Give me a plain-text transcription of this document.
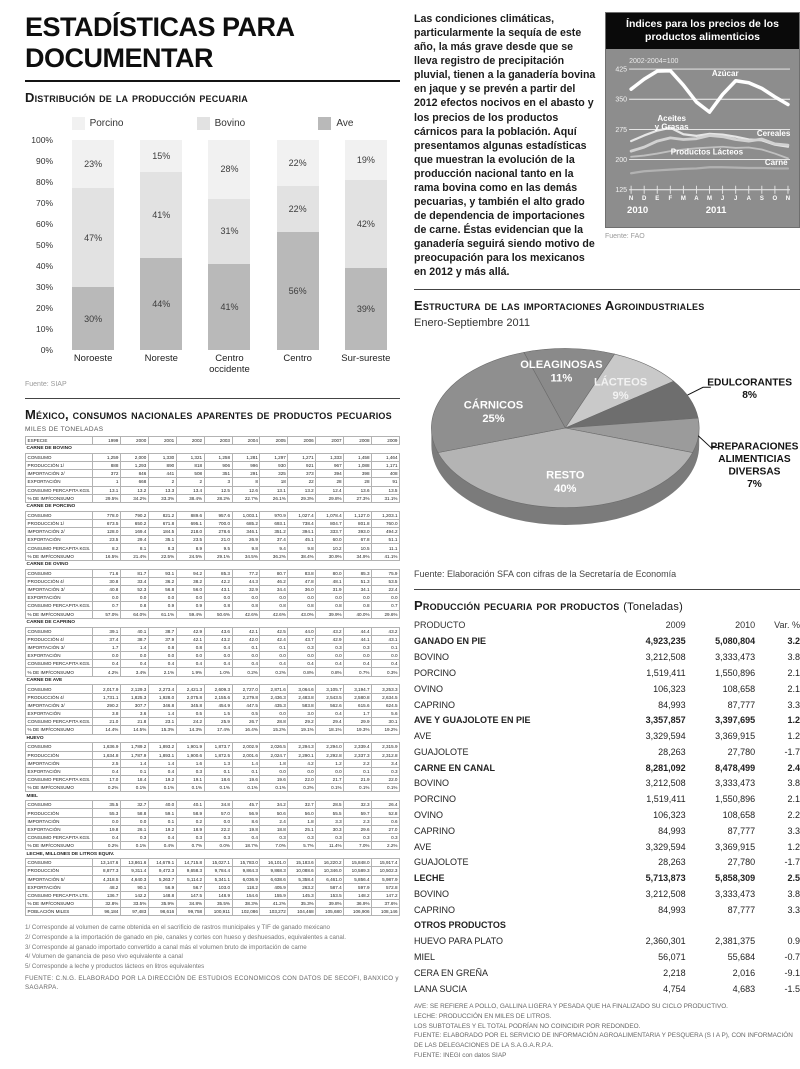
ESTADÍSTICAS PARA DOCUMENTAR
Distribución de la producción pecuaria
Porcino	Bovino	Ave
0%
10%
20%
30%
40%
50%
60%
70%
80%
90%
100%
30%
47%
23%
44%
41%
15%
41%
31%
28%
56%
22%
22%
39%
42%
19%
Noroeste	Noreste	Centro occidente
Centro	Sur-sureste
Fuente: SIAP
México, consumos nacionales aparentes de productos pecuarios
MILES DE TONELADAS
ESPECIE	1999	2000	2001	2002	2003	2004	2005	2006	2007	2008	2009
CARNE DE BOVINO											
CONSUMO	1,259	2,000	1,330	1,321	1,258	1,281	1,297	1,271	1,333	1,458	1,464
PRODUCCIÓN 1/	888	1,293	890	818	906	996	930	921	967	1,088	1,171
IMPORTACIÓN 2/	372	846	441	508	351	291	325	373	394	398	408
EXPORTACIÓN	1	668	2	2	3	8	18	22	28	28	91
CONSUMO PERCAPITA KGS.	13.1	13.2	13.3	13.4	12.5	12.6	13.1	13.2	12.4	13.6	13.5
% DE IMP/CONSUMO	29.5%	34.2%	33.3%	38.4%	28.2%	22.7%	26.1%	29.3%	29.8%	27.3%	31.1%
CARNE DE PORCINO											
CONSUMO	778.0	790.2	821.2	889.6	957.6	1,003.1	970.9	1,027.4	1,078.4	1,127.0	1,203.1
PRODUCCIÓN 1/	673.5	650.2	671.8	695.1	700.0	685.2	693.1	738.4	804.7	801.8	760.0
IMPORTACIÓN 2/	128.0	169.4	184.5	218.0	278.6	346.1	351.2	394.1	333.7	393.0	494.2
EXPORTACIÓN	23.5	29.4	35.1	23.5	21.0	26.9	37.4	45.1	60.0	67.8	51.1
CONSUMO PERCAPITA KGS.	8.2	8.1	8.3	8.9	9.5	9.8	9.4	9.8	10.2	10.5	11.1
% DE IMP/CONSUMO	16.5%	21.4%	22.5%	24.5%	29.1%	34.5%	36.2%	38.4%	30.9%	34.9%	41.1%
CARNE DE OVINO											
CONSUMO	71.6	81.7	93.1	94.2	85.3	77.2	80.7	83.8	80.0	85.3	75.9
PRODUCCIÓN 4/	30.8	33.4	36.2	38.2	42.2	44.3	46.2	47.8	48.1	51.3	53.5
IMPORTACIÓN 3/	40.8	52.3	56.8	56.0	43.1	32.9	34.4	36.0	31.9	34.1	22.4
EXPORTACIÓN	0.0	0.0	0.0	0.0	0.0	0.0	0.0	0.0	0.0	0.0	0.0
CONSUMO PERCAPITA KGS.	0.7	0.8	0.9	0.9	0.8	0.8	0.8	0.8	0.8	0.8	0.7
% DE IMP/CONSUMO	57.0%	64.0%	61.1%	59.4%	50.6%	42.6%	42.6%	43.0%	39.9%	40.0%	29.6%
CARNE DE CAPRINO											
CONSUMO	39.1	40.1	38.7	42.9	43.6	42.1	42.5	44.0	43.2	44.4	43.2
PRODUCCIÓN 4/	37.4	38.7	37.9	42.1	43.2	42.0	42.4	43.7	42.9	44.1	43.1
IMPORTACIÓN 3/	1.7	1.4	0.8	0.8	0.4	0.1	0.1	0.3	0.3	0.3	0.1
EXPORTACIÓN	0.0	0.0	0.0	0.0	0.0	0.0	0.0	0.0	0.0	0.0	0.0
CONSUMO PERCAPITA KGS.	0.4	0.4	0.4	0.4	0.4	0.4	0.4	0.4	0.4	0.4	0.4
% DE IMP/CONSUMO	4.2%	3.4%	2.1%	1.9%	1.0%	0.2%	0.2%	0.8%	0.8%	0.7%	0.3%
CARNE DE AVE											
CONSUMO	2,017.9	2,129.3	2,273.4	2,421.3	2,609.3	2,727.0	2,871.6	3,064.6	3,105.7	3,194.7	3,253.3
PRODUCCIÓN 4/	1,731.1	1,825.3	1,928.0	2,075.8	2,155.6	2,279.8	2,436.3	2,483.8	2,543.5	2,580.8	2,634.5
IMPORTACIÓN 3/	290.2	307.7	346.8	345.8	454.9	447.5	435.3	583.8	562.6	615.6	624.5
EXPORTACIÓN	3.8	3.6	1.4	0.5	1.5	0.5	0.0	3.0	0.4	1.7	5.6
CONSUMO PERCAPITA KGS.	21.0	21.8	23.1	24.2	25.9	26.7	28.8	29.2	29.4	29.9	30.1
% DE IMP/CONSUMO	14.4%	14.5%	15.3%	14.3%	17.4%	16.4%	15.2%	19.1%	18.1%	19.3%	19.2%
HUEVO											
CONSUMO	1,636.9	1,789.2	1,893.2	1,901.9	1,873.7	2,002.9	2,026.5	2,294.3	2,294.0	2,339.4	2,315.9
PRODUCCIÓN	1,634.8	1,787.9	1,893.1	1,900.6	1,872.5	2,001.6	2,024.7	2,290.1	2,292.8	2,337.3	2,312.8
IMPORTACIÓN	2.5	1.4	1.4	1.6	1.3	1.4	1.8	4.2	1.2	2.2	3.4
EXPORTACIÓN	0.4	0.1	0.4	0.3	0.1	0.1	0.0	0.0	0.0	0.1	0.3
CONSUMO PERCAPITA KGS.	17.0	18.4	19.2	19.1	18.6	19.6	19.6	22.0	21.7	21.9	22.0
% DE IMP/CONSUMO	0.2%	0.1%	0.1%	0.1%	0.1%	0.1%	0.1%	0.2%	0.1%	0.1%	0.1%
MIEL											
CONSUMO	35.5	32.7	40.0	40.1	34.8	45.7	34.2	32.7	28.5	32.3	26.4
PRODUCCIÓN	55.3	58.8	59.1	58.9	57.0	56.9	50.6	56.0	55.5	59.7	52.8
IMPORTACIÓN	0.0	0.0	0.1	0.2	0.0	8.6	2.4	1.8	3.3	2.3	0.6
EXPORTACIÓN	19.8	26.1	19.2	18.9	22.2	19.8	18.8	25.1	30.3	29.6	27.0
CONSUMO PERCAPITA KGS.	0.4	0.3	0.4	0.3	0.3	0.4	0.3	0.3	0.3	0.3	0.3
% DE IMP/CONSUMO	0.2%	0.1%	0.4%	0.7%	0.0%	18.7%	7.0%	5.7%	11.4%	7.0%	2.2%
LECHE, MILLONES DE LITROS EQUIV.											
CONSUMO	13,147.6	13,861.6	14,679.1	14,715.8	15,027.1	15,783.0	16,101.0	15,183.6	16,220.2	15,848.0	15,917.4
PRODUCCIÓN	8,877.3	9,311.4	9,472.3	9,658.3	9,784.4	9,864.3	9,868.3	10,088.6	10,346.0	10,589.3	10,502.3
IMPORTACIÓN 5/	4,318.5	4,640.3	5,263.7	5,114.2	5,341.1	6,036.9	6,638.6	5,358.4	6,461.0	5,856.4	5,987.9
EXPORTACIÓN	48.2	90.1	56.9	56.7	103.0	118.2	405.9	263.2	587.4	597.9	572.8
CONSUMO PERCAPITA LTS.	136.7	142.2	148.8	147.5	148.9	154.6	155.9	145.3	153.5	148.2	147.2
% DE IMP/CONSUMO	32.8%	33.5%	35.9%	34.8%	35.5%	38.3%	41.2%	35.3%	39.8%	36.9%	37.6%
POBLACIÓN MILES	96,184	97,483	98,616	99,758	100,911	102,086	103,272	104,468	105,680	106,906	108,146
1/ Corresponde al volumen de carne obtenida en el sacrificio de rastros municipales y TIF de ganado mexicano
2/ Corresponde a la importación de ganado en pie, canales y cortes con hueso y deshuesados, equivalentes a canal.
3/ Corresponde al ganado importado convertido a canal más el volumen bruto de importación de carne
4/ Volumen de ganancia de peso vivo equivalente a canal
5/ Corresponde a leche y productos lácteos en litros equivalentes
FUENTE: C.N.G. ELABORADO POR LA DIRECCIÓN DE ESTUDIOS ECONOMICOS CON DATOS DE SECOFI, BANXICO y SAGARPA.

Las condiciones climáticas, particularmente la sequía de este año, la más grave desde que se lleva registro de precipitación pluvial, tienen a la ganadería bovina en jaque y se prevén a partir del 2012 efectos nocivos en el abasto y los precios de los productos cárnicos para la población. Aquí presentamos algunas estadísticas que muestran la evolución de la producción nacional tanto en la rama bovina como en las demás pecuarias, y también el alto grado de dependencia de importaciones de carne. Éstas evidencian que la ganadería seguirá siendo motivo de preocupación para los mexicanos en 2012 y más allá.

Índices para los precios de los productos alimenticios
2002-2004=100
425
350
275
200
125
N D E F M A M J J A S O N
2010	2011
Azúcar
Aceites y Grasas
Cereales
Productos Lácteos
Carne
Fuente: FAO
Estructura de las importaciones Agroindustriales
Enero-Septiembre 2011
OLEAGINOSAS 11%	LÁCTEOS 9%
EDULCORANTES 8%
PREPARACIONES ALIMENTICIAS DIVERSAS 7%
RESTO 40%
CÁRNICOS 25%
Fuente: Elaboración SFA con cifras de la Secretaría de Economía
Producción pecuaria por productos (Toneladas)
PRODUCTO	2009	2010	Var. %
GANADO EN PIE	4,923,235	5,080,804	3.2
BOVINO	3,212,508	3,333,473	3.8
PORCINO	1,519,411	1,550,896	2.1
OVINO	106,323	108,658	2.1
CAPRINO	84,993	87,777	3.3
AVE Y GUAJOLOTE EN PIE	3,357,857	3,397,695	1.2
AVE	3,329,594	3,369,915	1.2
GUAJOLOTE	28,263	27,780	-1.7
CARNE EN CANAL	8,281,092	8,478,499	2.4
BOVINO	3,212,508	3,333,473	3.8
PORCINO	1,519,411	1,550,896	2.1
OVINO	106,323	108,658	2.2
CAPRINO	84,993	87,777	3.3
AVE	3,329,594	3,369,915	1.2
GUAJOLOTE	28,263	27,780	-1.7
LECHE	5,713,873	5,858,309	2.5
BOVINO	3,212,508	3,333,473	3.8
CAPRINO	84,993	87,777	3.3
OTROS PRODUCTOS			
HUEVO PARA PLATO	2,360,301	2,381,375	0.9
MIEL	56,071	55,684	-0.7
CERA EN GREÑA	2,218	2,016	-9.1
LANA SUCIA	4,754	4,683	-1.5
AVE: SE REFIERE A POLLO, GALLINA LIGERA Y PESADA QUE HA FINALIZADO SU CICLO PRODUCTIVO.
LECHE: PRODUCCIÓN EN MILES DE LITROS.
LOS SUBTOTALES Y EL TOTAL PODRÍAN NO COINCIDIR POR REDONDEO.
FUENTE: ELABORADO POR EL SERVICIO DE INFORMACIÓN AGROALIMENTARIA Y PESQUERA (S I A P), CON INFORMACIÓN DE LAS DELEGACIONES DE LA S.A.G.A.R.P.A.
FUENTE: INEGI con datos SIAP
